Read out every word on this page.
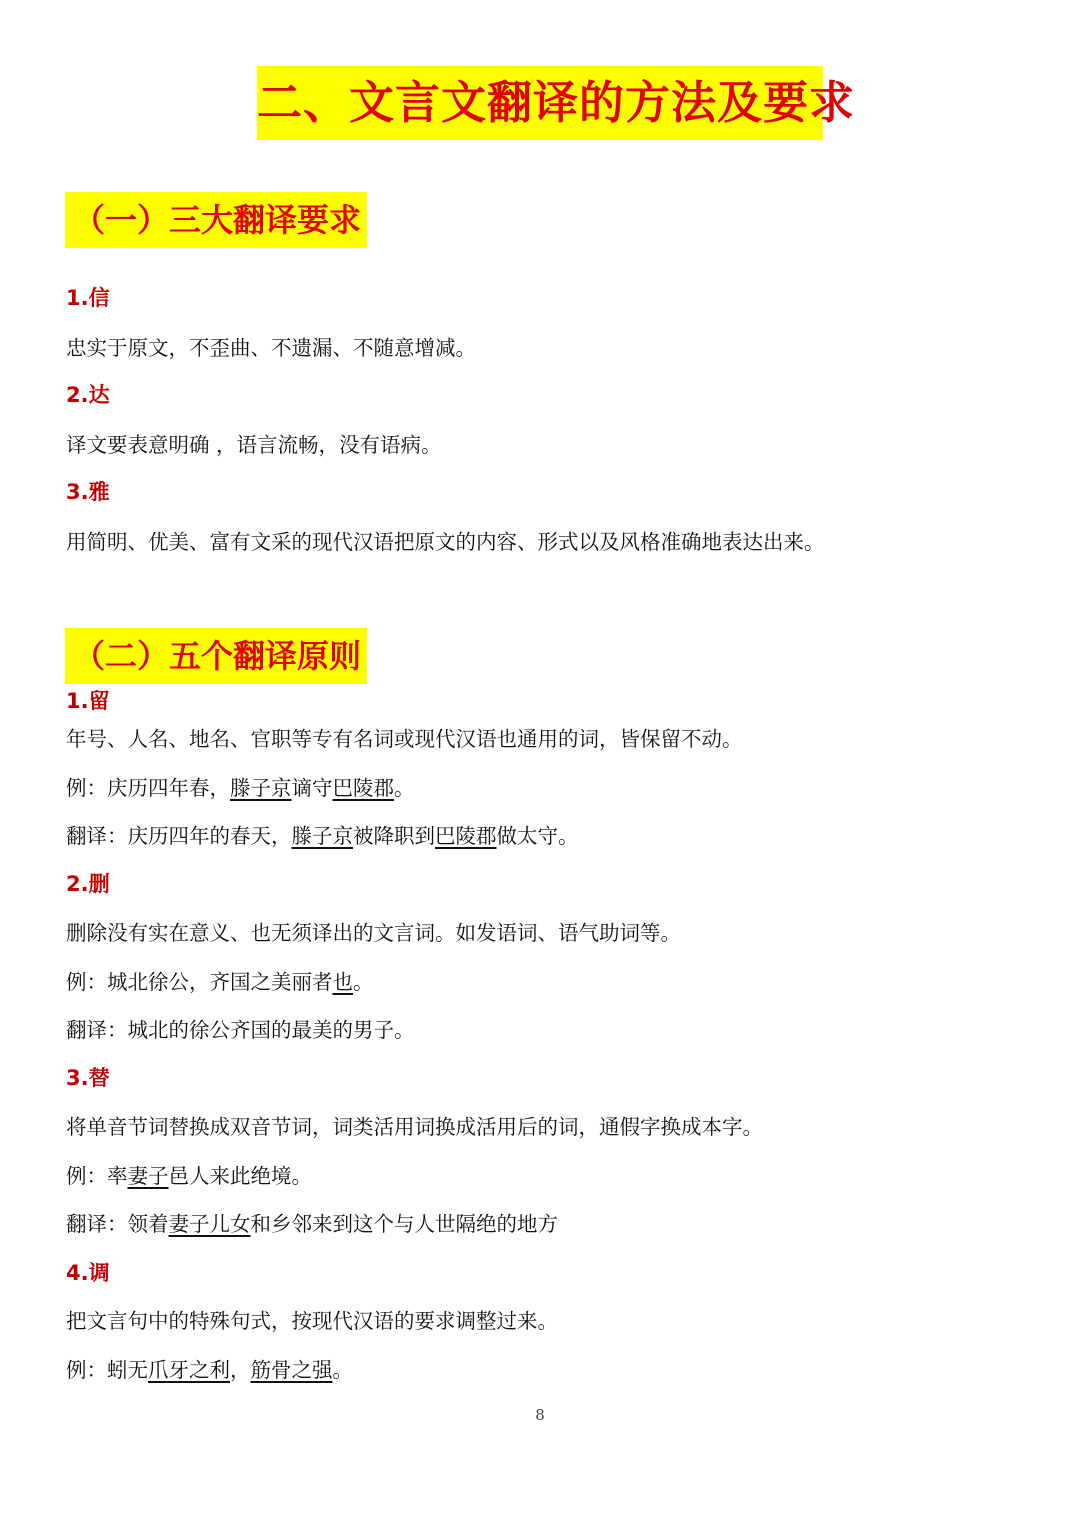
二、文言文翻译的方法及要求
（一）三大翻译要求
1.信
忠实于原文，不歪曲、不遗漏、不随意增减。
2.达
译文要表意明确 ，语言流畅，没有语病。
3.雅
用简明、优美、富有文采的现代汉语把原文的内容、形式以及风格准确地表达出来。
（二）五个翻译原则
1.留
年号、人名、地名、官职等专有名词或现代汉语也通用的词，皆保留不动。
例：庆历四年春，滕子京谪守巴陵郡。
翻译：庆历四年的春天，滕子京被降职到巴陵郡做太守。
2.删
删除没有实在意义、也无须译出的文言词。如发语词、语气助词等。
例：城北徐公，齐国之美丽者也。
翻译：城北的徐公齐国的最美的男子。
3.替
将单音节词替换成双音节词，词类活用词换成活用后的词，通假字换成本字。
例：率妻子邑人来此绝境。
翻译：领着妻子儿女和乡邻来到这个与人世隔绝的地方
4.调
把文言句中的特殊句式，按现代汉语的要求调整过来。
例：蚓无爪牙之利，筋骨之强。
8
